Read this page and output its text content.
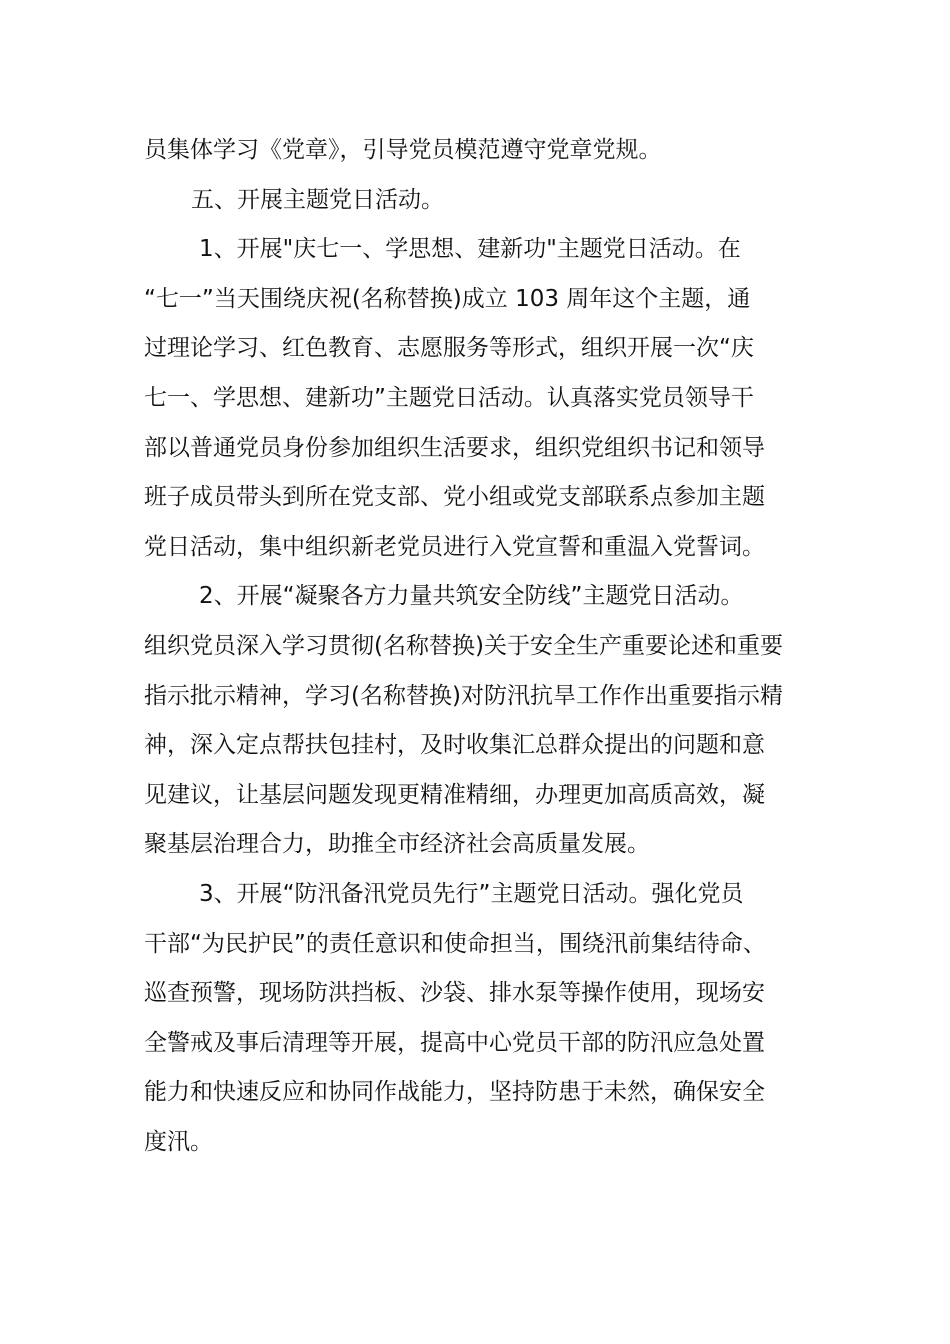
员集体学习《党章》，引导党员模范遵守党章党规。
五、开展主题党日活动。
1、开展"庆七一、学思想、建新功"主题党日活动。在
“七一”当天围绕庆祝(名称替换)成立 103 周年这个主题，通
过理论学习、红色教育、志愿服务等形式，组织开展一次“庆
七一、学思想、建新功”主题党日活动。认真落实党员领导干
部以普通党员身份参加组织生活要求，组织党组织书记和领导
班子成员带头到所在党支部、党小组或党支部联系点参加主题
党日活动，集中组织新老党员进行入党宣誓和重温入党誓词。
2、开展“凝聚各方力量共筑安全防线”主题党日活动。
组织党员深入学习贯彻(名称替换)关于安全生产重要论述和重要
指示批示精神，学习(名称替换)对防汛抗旱工作作出重要指示精
神，深入定点帮扶包挂村，及时收集汇总群众提出的问题和意
见建议，让基层问题发现更精准精细，办理更加高质高效，凝
聚基层治理合力，助推全市经济社会高质量发展。
3、开展“防汛备汛党员先行”主题党日活动。强化党员
干部“为民护民”的责任意识和使命担当，围绕汛前集结待命、
巡查预警，现场防洪挡板、沙袋、排水泵等操作使用，现场安
全警戒及事后清理等开展，提高中心党员干部的防汛应急处置
能力和快速反应和协同作战能力，坚持防患于未然，确保安全
度汛。
